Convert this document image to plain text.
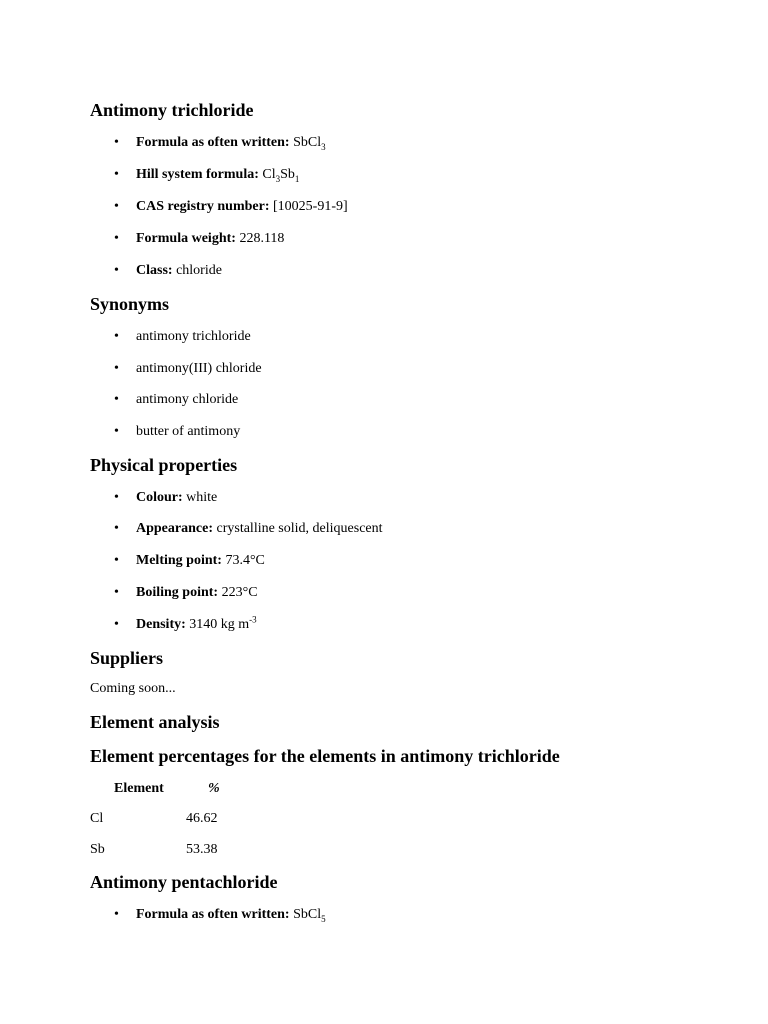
Antimony trichloride
• Formula as often written: SbCl$_3$
• Hill system formula: $Cl_3Sb_1$
• CAS registry number: [10025-91-9]
• Formula weight: 228.118
• Class: chloride
Synonyms
• antimony trichloride
• antimony(III) chloride
• antimony chloride
• butter of antimony
Physical properties
• Colour: white
• Appearance: crystalline solid, deliquescent
• Melting point: 73.4°C
• Boiling point: 223°C
• Density: 3140 kg $m^{-3}$
Suppliers
Coming soon...
Element analysis
Element percentages for the elements in antimony trichloride
Element	%
Cl	46.62
Sb	53.38
Antimony pentachloride
• Formula as often written: SbCl$_5$
